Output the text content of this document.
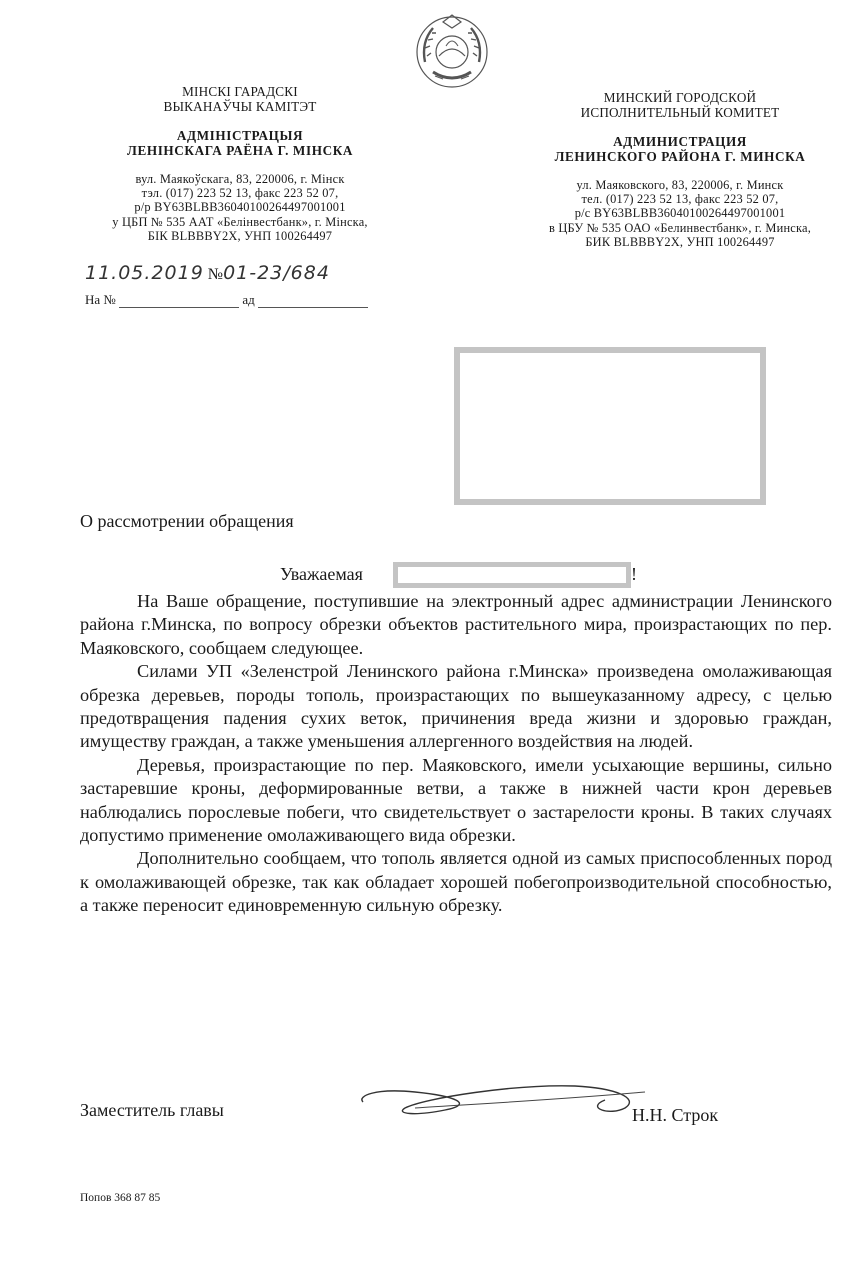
МІНСКІ ГАРАДСКІ
ВЫКАНАЎЧЫ КАМІТЭТ
АДМІНІСТРАЦЫЯ
ЛЕНІНСКАГА РАЁНА Г. МІНСКА
вул. Маякоўскага, 83, 220006, г. Мінск
тэл. (017) 223 52 13, факс 223 52 07,
р/р BY63BLBB36040100264497001001
у ЦБП № 535 ААТ «Белінвестбанк», г. Мінска,
БІК BLBBBY2X, УНП 100264497
МИНСКИЙ ГОРОДСКОЙ
ИСПОЛНИТЕЛЬНЫЙ КОМИТЕТ
АДМИНИСТРАЦИЯ
ЛЕНИНСКОГО РАЙОНА Г. МИНСКА
ул. Маяковского, 83, 220006, г. Минск
тел. (017) 223 52 13, факс 223 52 07,
р/с BY63BLBB36040100264497001001
в ЦБУ № 535 ОАО «Белинвестбанк», г. Минска,
БИК BLBBBY2X, УНП 100264497
11.05.2019 №01-23/684
На №	ад
О рассмотрении обращения
Уважаемая	!

На Ваше обращение, поступившие на электронный адрес администрации Ленинского района г.Минска, по вопросу обрезки объектов растительного мира, произрастающих по пер. Маяковского, сообщаем следующее.

Силами УП «Зеленстрой Ленинского района г.Минска» произведена омолаживающая обрезка деревьев, породы тополь, произрастающих по вышеуказанному адресу, с целью предотвращения падения сухих веток, причинения вреда жизни и здоровью граждан, имуществу граждан, а также уменьшения аллергенного воздействия на людей.

Деревья, произрастающие по пер. Маяковского, имели усыхающие вершины, сильно застаревшие кроны, деформированные ветви, а также в нижней части крон деревьев наблюдались порослевые побеги, что свидетельствует о застарелости кроны. В таких случаях допустимо применение омолаживающего вида обрезки.

Дополнительно сообщаем, что тополь является одной из самых приспособленных пород к омолаживающей обрезке, так как обладает хорошей побегопроизводительной способностью, а также переносит единовременную сильную обрезку.

Заместитель главы	Н.Н. Строк
Попов 368 87 85
